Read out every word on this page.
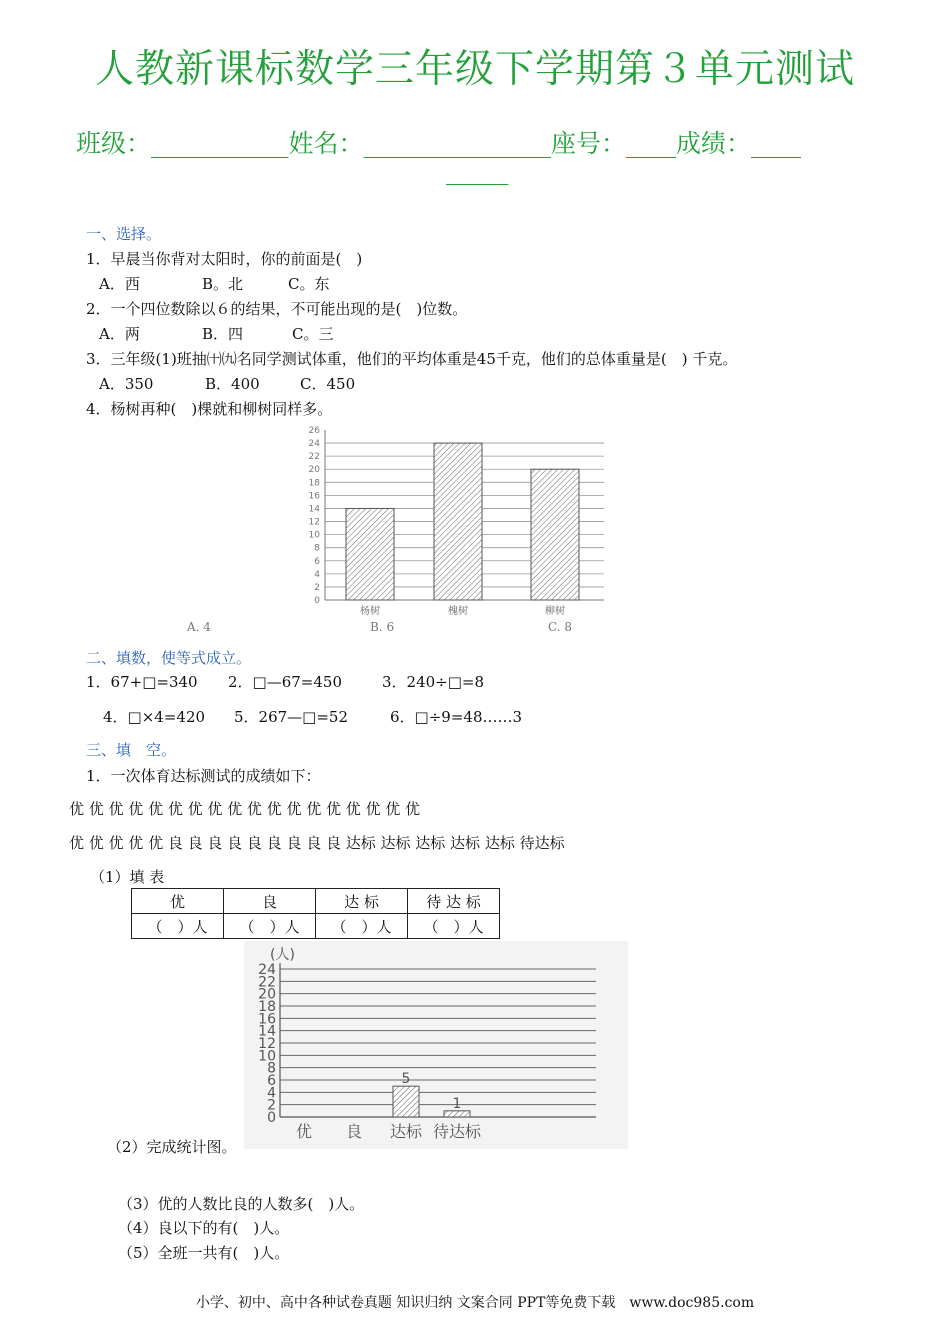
人教新课标数学三年级下学期第３单元测试
班级：___________姓名：_______________座号：____成绩：____
_____
一、选择。
1．早晨当你背对太阳时，你的前面是(　)
A．西	B。北	C。东
2．一个四位数除以６的结果，不可能出现的是(　)位数。
A．两	B．四	C。三
3．三年级(1)班抽㈩㈨名同学测试体重，他们的平均体重是45千克，他们的总体重量是(　) 千克。
A．350	B．400	C．450
4．杨树再种(　)棵就和柳树同样多。
0
2
4
6
8
10
12
14
16
18
20
22
24
26
杨树	槐树	柳树
A. 4	B. 6	C. 8
二、填数，使等式成立。
1．67+□=340 2．□—67=450	3．240÷□=8
4．□×4=420 5．267—□=52	6．□÷9=48……3
三、填　空。
1．一次体育达标测试的成绩如下：
优 优 优 优 优 优 优 优 优 优 优 优 优 优 优 优 优 优
优 优 优 优 优 良 良 良 良 良 良 良 良 良 达标 达标 达标 达标 达标 待达标
（1）填 表
优	良	达 标	待 达 标
（　）人	（　）人	（　）人	（　）人
(人)
0
2
4
6
8
10
12
14
16
18
20
22
24
优 良
5
达标
1
待达标
（2）完成统计图。
（3）优的人数比良的人数多(　)人。
（4）良以下的有(　)人。
（5）全班一共有(　)人。
小学、初中、高中各种试卷真题 知识归纳 文案合同 PPT等免费下载　www.doc985.com
